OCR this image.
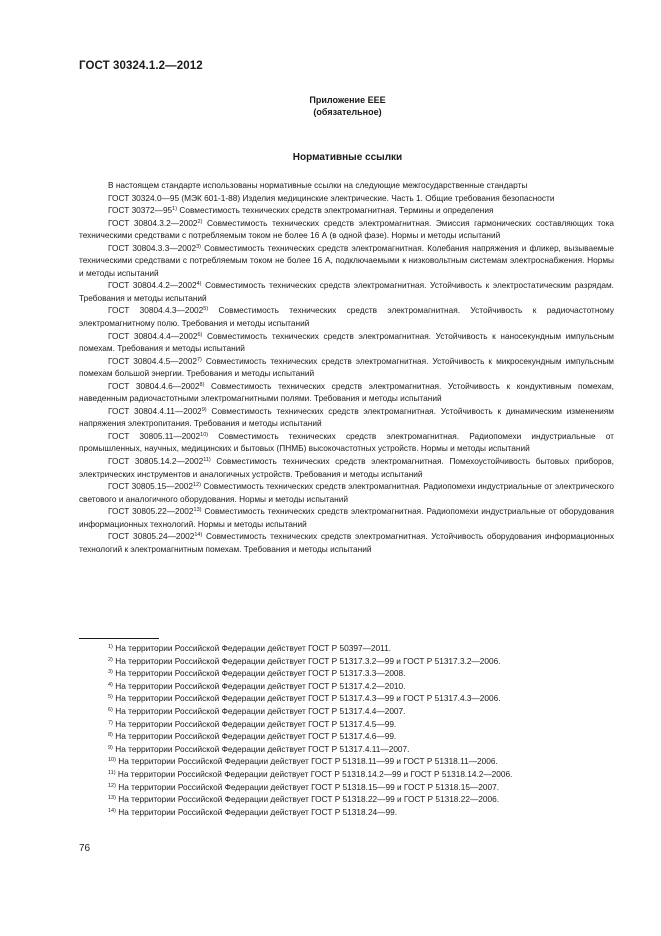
ГОСТ 30324.1.2—2012
Приложение ЕЕЕ
(обязательное)
Нормативные ссылки

В настоящем стандарте использованы нормативные ссылки на следующие межгосударственные стандарты

ГОСТ 30324.0—95 (МЭК 601-1-88) Изделия медицинские электрические. Часть 1. Общие требования безопасности

ГОСТ 30372—95$^{1)}$ Совместимость технических средств электромагнитная. Термины и определения

ГОСТ 30804.3.2—2002$^{2)}$ Совместимость технических средств электромагнитная. Эмиссия гармонических составляющих тока техническими средствами с потребляемым током не более 16 А (в одной фазе). Нормы и методы испытаний

ГОСТ 30804.3.3—2002$^{3)}$ Совместимость технических средств электромагнитная. Колебания напряжения и фликер, вызываемые техническими средствами с потребляемым током не более 16 А, подключаемыми к низковольтным системам электроснабжения. Нормы и методы испытаний

ГОСТ 30804.4.2—2002$^{4)}$ Совместимость технических средств электромагнитная. Устойчивость к электростатическим разрядам. Требования и методы испытаний

ГОСТ 30804.4.3—2002$^{5)}$ Совместимость технических средств электромагнитная. Устойчивость к радиочастотному электромагнитному полю. Требования и методы испытаний

ГОСТ 30804.4.4—2002$^{6)}$ Совместимость технических средств электромагнитная. Устойчивость к наносекундным импульсным помехам. Требования и методы испытаний

ГОСТ 30804.4.5—2002$^{7)}$ Совместимость технических средств электромагнитная. Устойчивость к микросекундным импульсным помехам большой энергии. Требования и методы испытаний

ГОСТ 30804.4.6—2002$^{8)}$ Совместимость технических средств электромагнитная. Устойчивость к кондуктивным помехам, наведенным радиочастотными электромагнитными полями. Требования и методы испытаний

ГОСТ 30804.4.11—2002$^{9)}$ Совместимость технических средств электромагнитная. Устойчивость к динамическим изменениям напряжения электропитания. Требования и методы испытаний

ГОСТ 30805.11—2002$^{10)}$ Совместимость технических средств электромагнитная. Радиопомехи индустриальные от промышленных, научных, медицинских и бытовых (ПНМБ) высокочастотных устройств. Нормы и методы испытаний

ГОСТ 30805.14.2—2002$^{11)}$ Совместимость технических средств электромагнитная. Помехоустойчивость бытовых приборов, электрических инструментов и аналогичных устройств. Требования и методы испытаний

ГОСТ 30805.15—2002$^{12)}$ Совместимость технических средств электромагнитная. Радиопомехи индустриальные от электрического светового и аналогичного оборудования. Нормы и методы испытаний

ГОСТ 30805.22—2002$^{13)}$ Совместимость технических средств электромагнитная. Радиопомехи индустриальные от оборудования информационных технологий. Нормы и методы испытаний

ГОСТ 30805.24—2002$^{14)}$ Совместимость технических средств электромагнитная. Устойчивость оборудования информационных технологий к электромагнитным помехам. Требования и методы испытаний

$^{1)}$ На территории Российской Федерации действует ГОСТ Р 50397—2011.

$^{2)}$ На территории Российской Федерации действует ГОСТ Р 51317.3.2—99 и ГОСТ Р 51317.3.2—2006.

$^{3)}$ На территории Российской Федерации действует ГОСТ Р 51317.3.3—2008.

$^{4)}$ На территории Российской Федерации действует ГОСТ Р 51317.4.2—2010.

$^{5)}$ На территории Российской Федерации действует ГОСТ Р 51317.4.3—99 и ГОСТ Р 51317.4.3—2006.

$^{6)}$ На территории Российской Федерации действует ГОСТ Р 51317.4.4—2007.

$^{7)}$ На территории Российской Федерации действует ГОСТ Р 51317.4.5—99.

$^{8)}$ На территории Российской Федерации действует ГОСТ Р 51317.4.6—99.

$^{9)}$ На территории Российской Федерации действует ГОСТ Р 51317.4.11—2007.

$^{10)}$ На территории Российской Федерации действует ГОСТ Р 51318.11—99 и ГОСТ Р 51318.11—2006.

$^{11)}$ На территории Российской Федерации действует ГОСТ Р 51318.14.2—99 и ГОСТ Р 51318.14.2—2006.

$^{12)}$ На территории Российской Федерации действует ГОСТ Р 51318.15—99 и ГОСТ Р 51318.15—2007.

$^{13)}$ На территории Российской Федерации действует ГОСТ Р 51318.22—99 и ГОСТ Р 51318.22—2006.

$^{14)}$ На территории Российской Федерации действует ГОСТ Р 51318.24—99.

76
